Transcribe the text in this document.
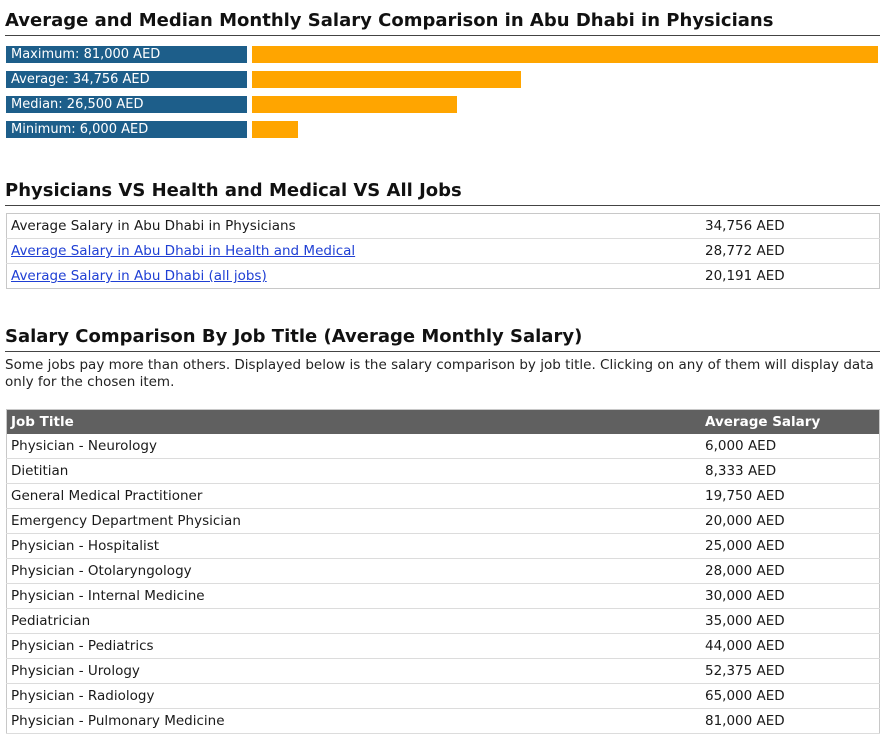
Average and Median Monthly Salary Comparison in Abu Dhabi in Physicians
Maximum: 81,000 AED
Average: 34,756 AED
Median: 26,500 AED
Minimum: 6,000 AED
Physicians VS Health and Medical VS All Jobs
Average Salary in Abu Dhabi in Physicians	34,756 AED
Average Salary in Abu Dhabi in Health and Medical	28,772 AED
Average Salary in Abu Dhabi (all jobs)	20,191 AED
Salary Comparison By Job Title (Average Monthly Salary)
Some jobs pay more than others. Displayed below is the salary comparison by job title. Clicking on any of them will display data only for the chosen item.
Job Title	Average Salary
Physician - Neurology	6,000 AED
Dietitian	8,333 AED
General Medical Practitioner	19,750 AED
Emergency Department Physician	20,000 AED
Physician - Hospitalist	25,000 AED
Physician - Otolaryngology	28,000 AED
Physician - Internal Medicine	30,000 AED
Pediatrician	35,000 AED
Physician - Pediatrics	44,000 AED
Physician - Urology	52,375 AED
Physician - Radiology	65,000 AED
Physician - Pulmonary Medicine	81,000 AED
